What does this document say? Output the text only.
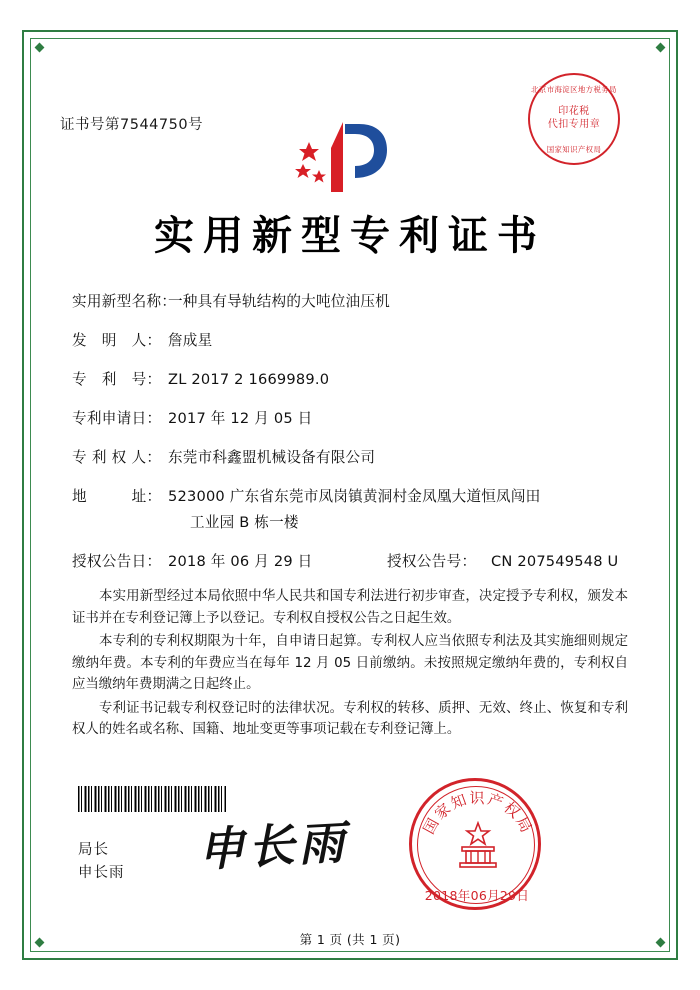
证书号第7544750号
北京市海淀区地方税务局
印花税
代扣专用章
国家知识产权局
实用新型专利证书
实用新型名称：
一种具有导轨结构的大吨位油压机
发　明　人： 詹成星
专　利　号： ZL 2017 2 1669989.0
专利申请日： 2017 年 12 月 05 日
专 利 权 人： 东莞市科鑫盟机械设备有限公司
地　　　址： 523000 广东省东莞市凤岗镇黄洞村金凤凰大道恒凤闯田
工业园 B 栋一楼
授权公告日： 2018 年 06 月 29 日	授权公告号：	CN 207549548 U

本实用新型经过本局依照中华人民共和国专利法进行初步审查，决定授予专利权，颁发本证书并在专利登记簿上予以登记。专利权自授权公告之日起生效。

本专利的专利权期限为十年，自申请日起算。专利权人应当依照专利法及其实施细则规定缴纳年费。本专利的年费应当在每年 12 月 05 日前缴纳。未按照规定缴纳年费的，专利权自应当缴纳年费期满之日起终止。

专利证书记载专利权登记时的法律状况。专利权的转移、质押、无效、终止、恢复和专利权人的姓名或名称、国籍、地址变更等事项记载在专利登记簿上。

局长
申长雨 申长雨	国家知识产权局
2018年06月29日
第 1 页 (共 1 页)
